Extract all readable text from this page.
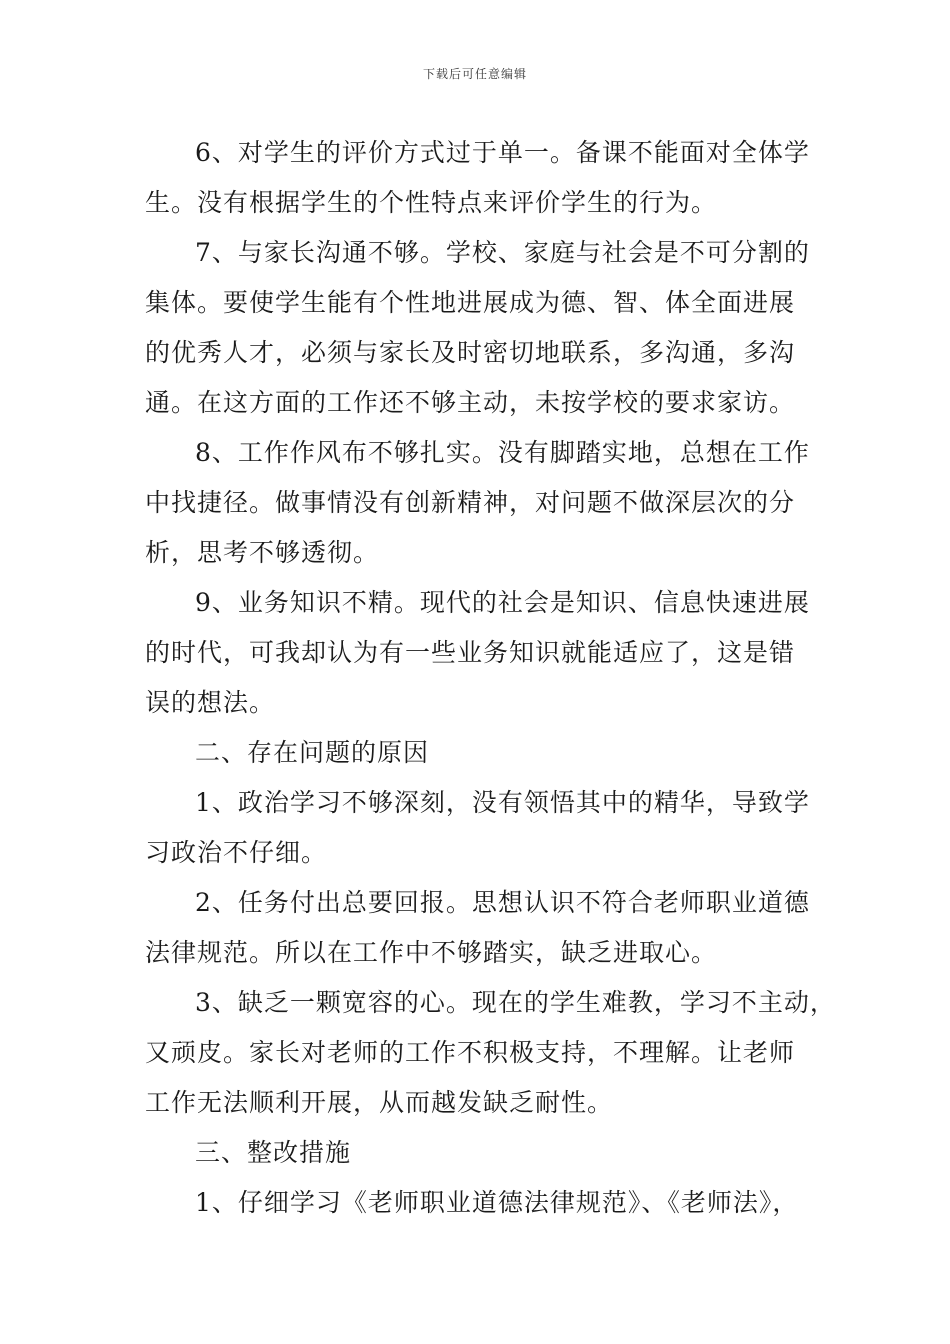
下载后可任意编辑
6、对学生的评价方式过于单一。备课不能面对全体学
生。没有根据学生的个性特点来评价学生的行为。
7、与家长沟通不够。学校、家庭与社会是不可分割的
集体。要使学生能有个性地进展成为德、智、体全面进展
的优秀人才，必须与家长及时密切地联系，多沟通，多沟
通。在这方面的工作还不够主动，未按学校的要求家访。
8、工作作风布不够扎实。没有脚踏实地，总想在工作
中找捷径。做事情没有创新精神，对问题不做深层次的分
析，思考不够透彻。
9、业务知识不精。现代的社会是知识、信息快速进展
的时代，可我却认为有一些业务知识就能适应了，这是错
误的想法。
二、存在问题的原因
1、政治学习不够深刻，没有领悟其中的精华，导致学
习政治不仔细。
2、任务付出总要回报。思想认识不符合老师职业道德
法律规范。所以在工作中不够踏实，缺乏进取心。
3、缺乏一颗宽容的心。现在的学生难教，学习不主动，
又顽皮。家长对老师的工作不积极支持，不理解。让老师
工作无法顺利开展，从而越发缺乏耐性。
三、整改措施
1、仔细学习《老师职业道德法律规范》、《老师法》，
